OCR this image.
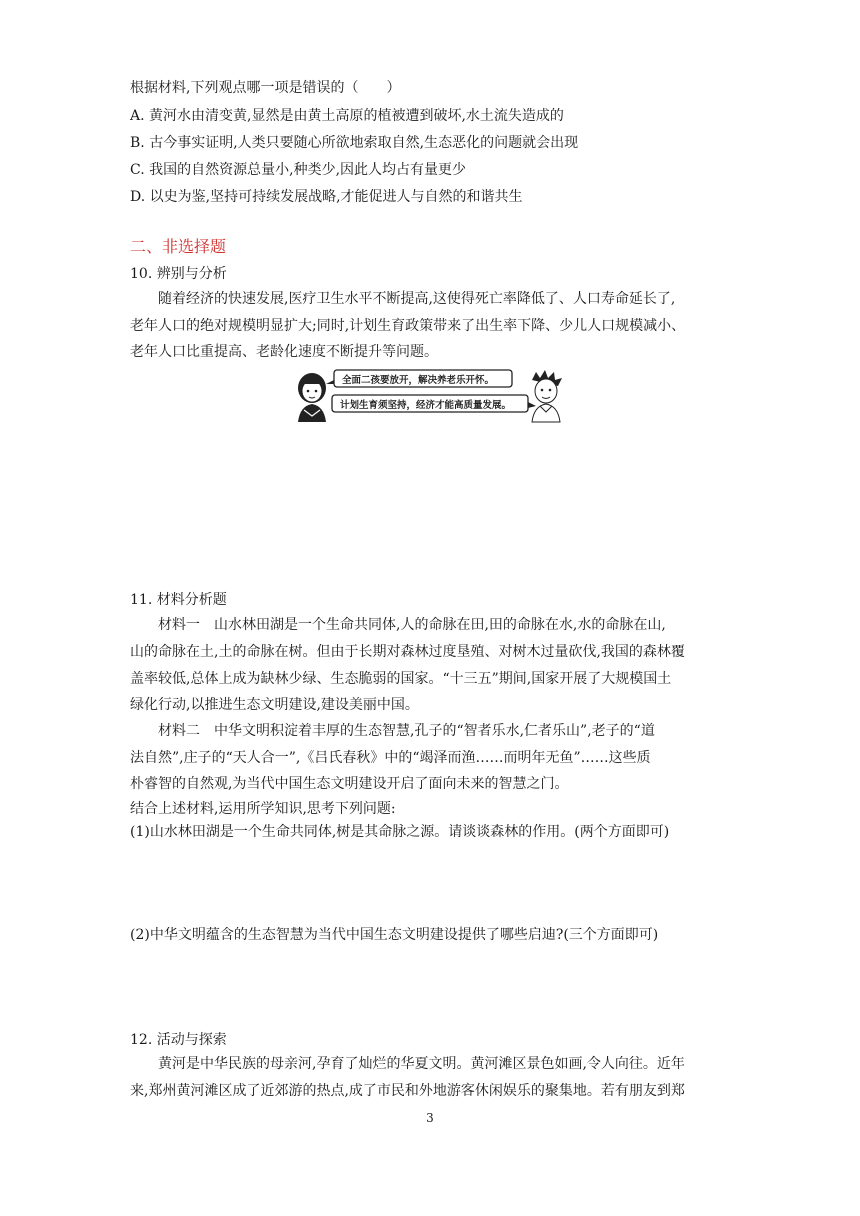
根据材料,下列观点哪一项是错误的（　　）
A. 黄河水由清变黄,显然是由黄土高原的植被遭到破坏,水土流失造成的
B. 古今事实证明,人类只要随心所欲地索取自然,生态恶化的问题就会出现
C. 我国的自然资源总量小,种类少,因此人均占有量更少
D. 以史为鉴,坚持可持续发展战略,才能促进人与自然的和谐共生
二、非选择题
10. 辨别与分析
随着经济的快速发展,医疗卫生水平不断提高,这使得死亡率降低了、人口寿命延长了,
老年人口的绝对规模明显扩大;同时,计划生育政策带来了出生率下降、少儿人口规模减小、
老年人口比重提高、老龄化速度不断提升等问题。
全面二孩要放开，解决养老乐开怀。
计划生育须坚持，经济才能高质量发展。
11. 材料分析题
材料一　山水林田湖是一个生命共同体,人的命脉在田,田的命脉在水,水的命脉在山,
山的命脉在土,土的命脉在树。但由于长期对森林过度垦殖、对树木过量砍伐,我国的森林覆
盖率较低,总体上成为缺林少绿、生态脆弱的国家。“十三五”期间,国家开展了大规模国土
绿化行动,以推进生态文明建设,建设美丽中国。
材料二　中华文明积淀着丰厚的生态智慧,孔子的“智者乐水,仁者乐山”,老子的“道
法自然”,庄子的“天人合一”,《吕氏春秋》中的“竭泽而渔……而明年无鱼”……这些质
朴睿智的自然观,为当代中国生态文明建设开启了面向未来的智慧之门。
结合上述材料,运用所学知识,思考下列问题:
(1)山水林田湖是一个生命共同体,树是其命脉之源。请谈谈森林的作用。(两个方面即可)
(2)中华文明蕴含的生态智慧为当代中国生态文明建设提供了哪些启迪?(三个方面即可)
12. 活动与探索
黄河是中华民族的母亲河,孕育了灿烂的华夏文明。黄河滩区景色如画,令人向往。近年
来,郑州黄河滩区成了近郊游的热点,成了市民和外地游客休闲娱乐的聚集地。若有朋友到郑
3
